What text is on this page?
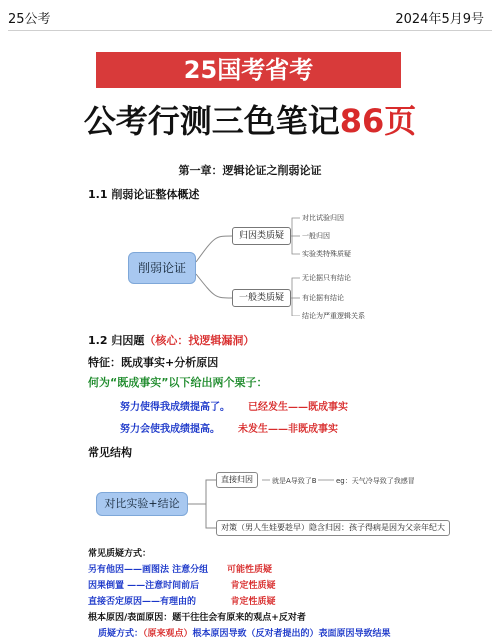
25公考	2024年5月9号
25国考省考
公考行测三色笔记86页
第一章：逻辑论证之削弱论证
1.1 削弱论证整体概述
削弱论证
归因类质疑
一般类质疑
对比试验归因
一般归因
实验类特殊质疑
无论据只有结论
有论据有结论
结论为严重逻辑关系
1.2 归因题（核心：找逻辑漏洞）
特征：既成事实+分析原因
何为“既成事实”以下给出两个栗子：
努力使得我成绩提高了。 已经发生——既成事实
努力会使我成绩提高。 未发生——非既成事实
常见结构
对比实验+结论
直接归因	就是A导致了B	eg：天气冷导致了我感冒
对策（男人生娃要趁早）隐含归因：孩子得病是因为父亲年纪大
常见质疑方式：
另有他因——画图法 注意分组 可能性质疑
因果倒置 ——注意时间前后	肯定性质疑
直接否定原因——有理由的	肯定性质疑
根本原因/表面原因：题干往往会有原来的观点+反对者
质疑方式：（原来观点）根本原因导致（反对者提出的）表面原因导致结果
